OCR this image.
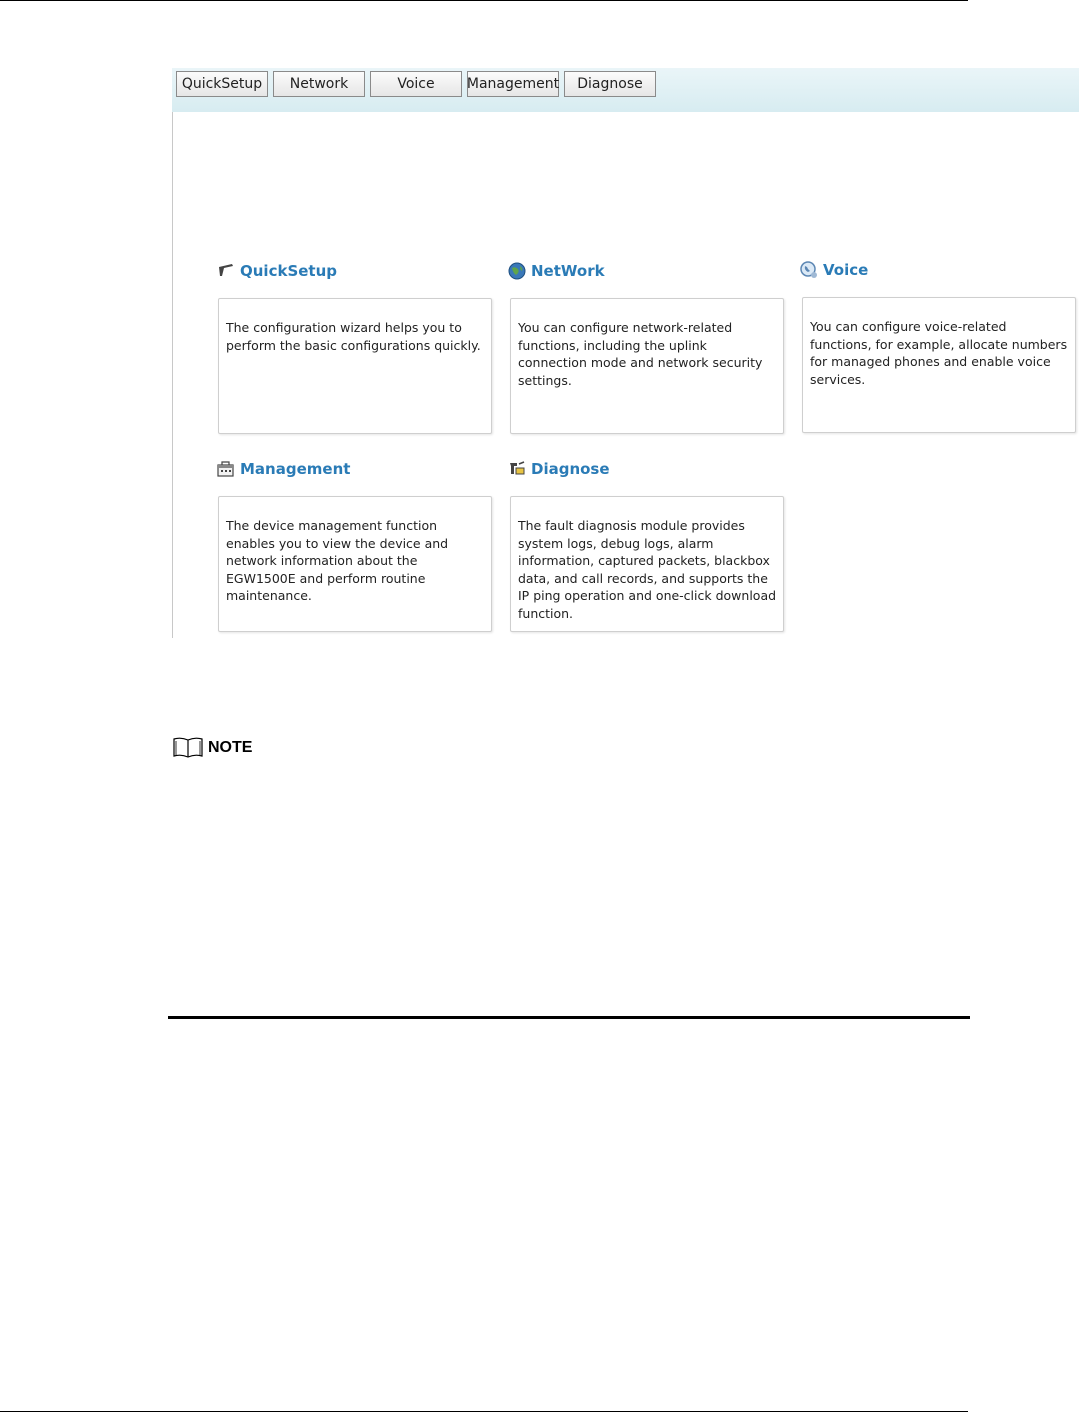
QuickSetup	Network	Voice	Management	Diagnose
QuickSetup
The configuration wizard helps you to perform the basic configurations quickly.
NetWork
You can configure network-related functions, including the uplink connection mode and network security settings.
Voice
You can configure voice-related functions, for example, allocate numbers for managed phones and enable voice services.
Management
The device management function enables you to view the device and network information about the EGW1500E and perform routine maintenance.
Diagnose
The fault diagnosis module provides system logs, debug logs, alarm information, captured packets, blackbox data, and call records, and supports the IP ping operation and one-click download function.
NOTE
